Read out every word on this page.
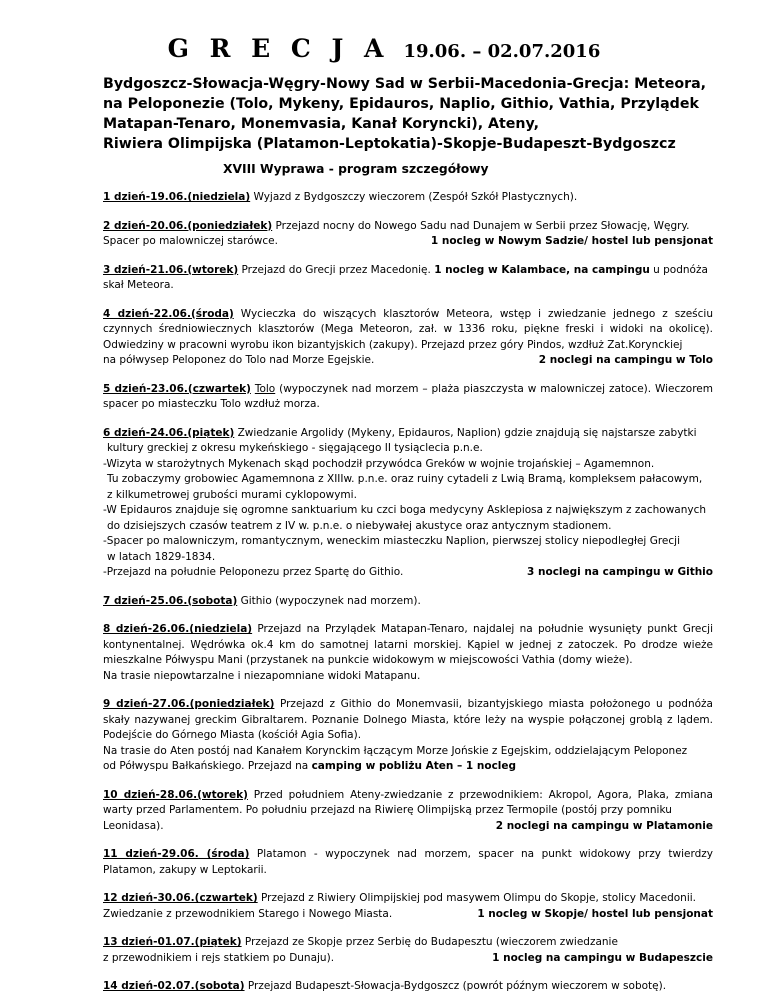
G R E C J A 19.06. – 02.07.2016
Bydgoszcz-Słowacja-Węgry-Nowy Sad w Serbii-Macedonia-Grecja: Meteora,
na Peloponezie (Tolo, Mykeny, Epidauros, Naplio, Githio, Vathia, Przylądek
Matapan-Tenaro, Monemvasia, Kanał Koryncki), Ateny,
Riwiera Olimpijska (Platamon-Leptokatia)-Skopje-Budapeszt-Bydgoszcz
XVIII Wyprawa - program szczegółowy
1 dzień-19.06.(niedziela) Wyjazd z Bydgoszczy wieczorem (Zespół Szkół Plastycznych).
2 dzień-20.06.(poniedziałek) Przejazd nocny do Nowego Sadu nad Dunajem w Serbii przez Słowację, Węgry.
Spacer po malowniczej starówce.	1 nocleg w Nowym Sadzie/ hostel lub pensjonat
3 dzień-21.06.(wtorek) Przejazd do Grecji przez Macedonię. 1 nocleg w Kalambace, na campingu u podnóża skał Meteora.
4 dzień-22.06.(środa) Wycieczka do wiszących klasztorów Meteora, wstęp i zwiedzanie jednego z sześciu czynnych średniowiecznych klasztorów (Mega Meteoron, zał. w 1336 roku, piękne freski i widoki na okolicę). Odwiedziny w pracowni wyrobu ikon bizantyjskich (zakupy). Przejazd przez góry Pindos, wzdłuż Zat.Korynckiej
na półwysep Peloponez do Tolo nad Morze Egejskie.	2 noclegi na campingu w Tolo
5 dzień-23.06.(czwartek) Tolo (wypoczynek nad morzem – plaża piaszczysta w malowniczej zatoce). Wieczorem spacer po miasteczku Tolo wzdłuż morza.
6 dzień-24.06.(piątek) Zwiedzanie Argolidy (Mykeny, Epidauros, Naplion) gdzie znajdują się najstarsze zabytki
kultury greckiej z okresu mykeńskiego - sięgającego II tysiąclecia p.n.e.
-Wizyta w starożytnych Mykenach skąd pochodził przywódca Greków w wojnie trojańskiej – Agamemnon.
Tu zobaczymy grobowiec Agamemnona z XIIIw. p.n.e. oraz ruiny cytadeli z Lwią Bramą, kompleksem pałacowym,
z kilkumetrowej grubości murami cyklopowymi.
-W Epidauros znajduje się ogromne sanktuarium ku czci boga medycyny Asklepiosa z największym z zachowanych
do dzisiejszych czasów teatrem z IV w. p.n.e. o niebywałej akustyce oraz antycznym stadionem.
-Spacer po malowniczym, romantycznym, weneckim miasteczku Naplion, pierwszej stolicy niepodległej Grecji
w latach 1829-1834.
-Przejazd na południe Peloponezu przez Spartę do Githio.	3 noclegi na campingu w Githio
7 dzień-25.06.(sobota) Githio (wypoczynek nad morzem).
8 dzień-26.06.(niedziela) Przejazd na Przylądek Matapan-Tenaro, najdalej na południe wysunięty punkt Grecji kontynentalnej. Wędrówka ok.4 km do samotnej latarni morskiej. Kąpiel w jednej z zatoczek. Po drodze wieże mieszkalne Półwyspu Mani (przystanek na punkcie widokowym w miejscowości Vathia (domy wieże).
Na trasie niepowtarzalne i niezapomniane widoki Matapanu.
9 dzień-27.06.(poniedziałek) Przejazd z Githio do Monemvasii, bizantyjskiego miasta położonego u podnóża skały nazywanej greckim Gibraltarem. Poznanie Dolnego Miasta, które leży na wyspie połączonej groblą z lądem. Podejście do Górnego Miasta (kościół Agia Sofia).
Na trasie do Aten postój nad Kanałem Korynckim łączącym Morze Jońskie z Egejskim, oddzielającym Peloponez
od Półwyspu Bałkańskiego. Przejazd na camping w pobliżu Aten – 1 nocleg
10 dzień-28.06.(wtorek) Przed południem Ateny-zwiedzanie z przewodnikiem: Akropol, Agora, Plaka, zmiana warty przed Parlamentem. Po południu przejazd na Riwierę Olimpijską przez Termopile (postój przy pomniku
Leonidasa).	2 noclegi na campingu w Platamonie
11 dzień-29.06. (środa) Platamon - wypoczynek nad morzem, spacer na punkt widokowy przy twierdzy Platamon, zakupy w Leptokarii.
12 dzień-30.06.(czwartek) Przejazd z Riwiery Olimpijskiej pod masywem Olimpu do Skopje, stolicy Macedonii.
Zwiedzanie z przewodnikiem Starego i Nowego Miasta.	1 nocleg w Skopje/ hostel lub pensjonat
13 dzień-01.07.(piątek) Przejazd ze Skopje przez Serbię do Budapesztu (wieczorem zwiedzanie
z przewodnikiem i rejs statkiem po Dunaju).	1 nocleg na campingu w Budapeszcie
14 dzień-02.07.(sobota) Przejazd Budapeszt-Słowacja-Bydgoszcz (powrót późnym wieczorem w sobotę).
